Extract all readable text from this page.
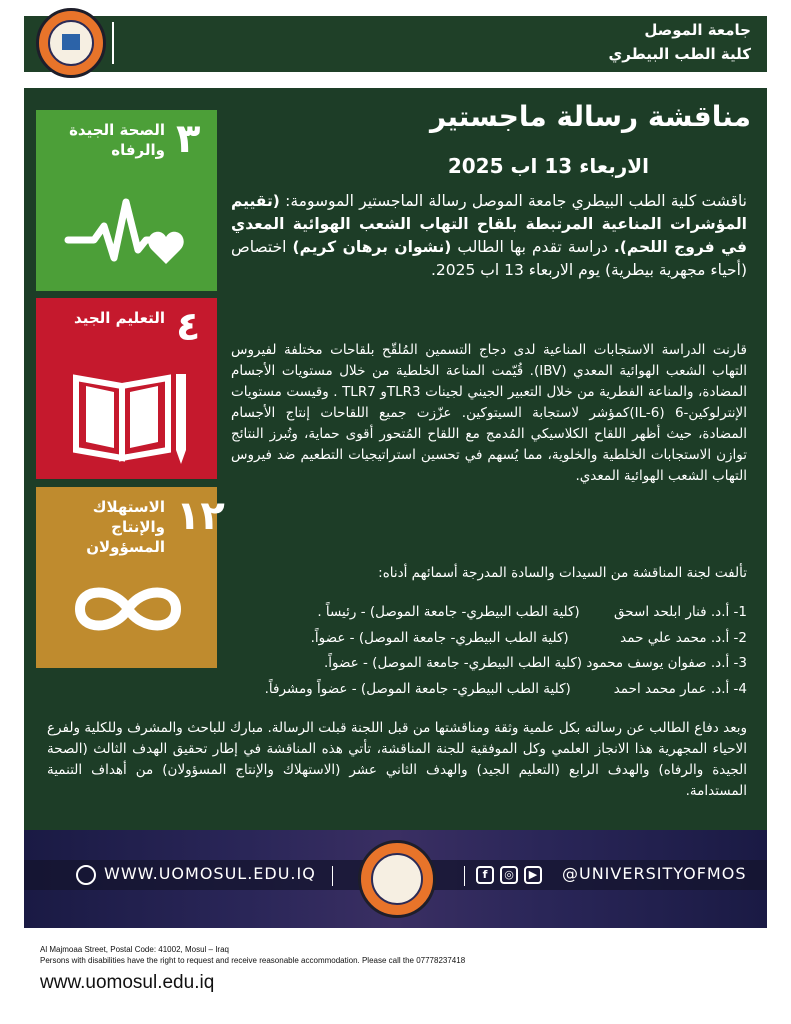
جامعة الموصل
كلية الطب البيطري
٣
الصحة الجيدة والرفاه
٤
التعليم الجيد
١٢
الاستهلاك والإنتاج المسؤولان
مناقشة رسالة ماجستير
الاربعاء 13 اب 2025
ناقشت كلية الطب البيطري جامعة الموصل رسالة الماجستير الموسومة: (تقييم المؤشرات المناعية المرتبطة بلقاح التهاب الشعب الهوائية المعدي في فروج اللحم). دراسة تقدم بها الطالب (نشوان برهان كريم) اختصاص (أحياء مجهرية بيطرية) يوم الاربعاء 13 اب 2025.
قارنت الدراسة الاستجابات المناعية لدى دجاج التسمين المُلقّح بلقاحات مختلفة لفيروس التهاب الشعب الهوائية المعدي (IBV). قُيّمت المناعة الخلطية من خلال مستويات الأجسام المضادة، والمناعة الفطرية من خلال التعبير الجيني لجينات TLR3و TLR7 . وقيست مستويات الإنترلوكين-6 (IL-6)كمؤشر لاستجابة السيتوكين. عزّزت جميع اللقاحات إنتاج الأجسام المضادة، حيث أظهر اللقاح الكلاسيكي المُدمج مع اللقاح المُتحور أقوى حماية، وتُبرز النتائج توازن الاستجابات الخلطية والخلوية، مما يُسهم في تحسين استراتيجيات التطعيم ضد فيروس التهاب الشعب الهوائية المعدي.
تألفت لجنة المناقشة من السيدات والسادة المدرجة أسمائهم أدناه:
1- أ.د. فنار ابلحد اسحق        (كلية الطب البيطري- جامعة الموصل) - رئيساً .
2- أ.د. محمد علي حمد            (كلية الطب البيطري- جامعة الموصل) - عضواً.
3- أ.د. صفوان يوسف محمود (كلية الطب البيطري- جامعة الموصل) - عضواً.
4- أ.د. عمار محمد احمد          (كلية الطب البيطري- جامعة الموصل) - عضواً ومشرفاً.
وبعد دفاع الطالب عن رسالته بكل علمية وثقة ومناقشتها من قبل اللجنة قبلت الرسالة. مبارك للباحث والمشرف وللكلية ولفرع الاحياء المجهرية هذا الانجاز العلمي وكل الموفقية للجنة المناقشة، تأتي هذه المناقشة في إطار تحقيق الهدف الثالث (الصحة الجيدة والرفاه) والهدف الرابع (التعليم الجيد) والهدف الثاني عشر (الاستهلاك والإنتاج المسؤولان) من أهداف التنمية المستدامة.
WWW.UOMOSUL.EDU.IQ	f	◎	▶ @UNIVERSITYOFMOS
Al Majmoaa Street, Postal Code: 41002, Mosul – Iraq
Persons with disabilities have the right to request and receive reasonable accommodation. Please call the 07778237418
www.uomosul.edu.iq
